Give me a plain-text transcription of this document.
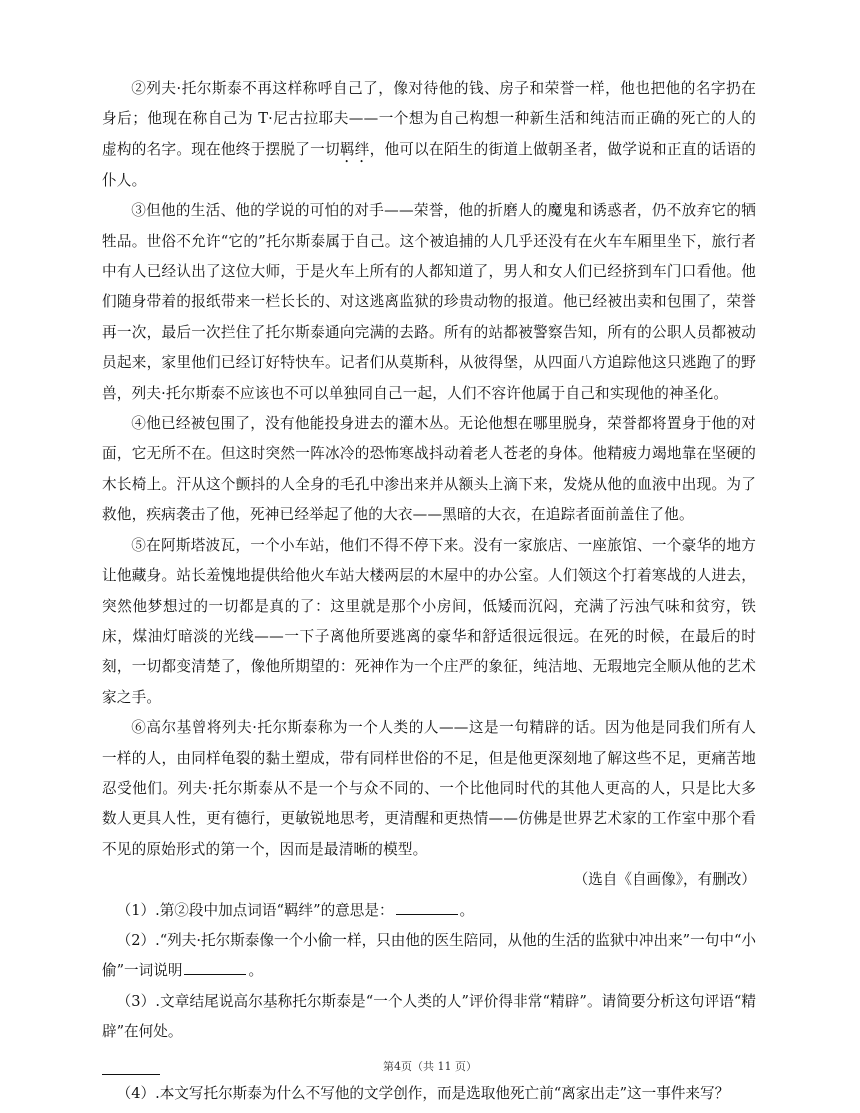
②列夫·托尔斯泰不再这样称呼自己了，像对待他的钱、房子和荣誉一样，他也把他的名字扔在身后；他现在称自己为 T·尼古拉耶夫——一个想为自己构想一种新生活和纯洁而正确的死亡的人的虚构的名字。现在他终于摆脱了一切羁绊，他可以在陌生的街道上做朝圣者，做学说和正直的话语的仆人。

③但他的生活、他的学说的可怕的对手——荣誉，他的折磨人的魔鬼和诱惑者，仍不放弃它的牺牲品。世俗不允许“它的”托尔斯泰属于自己。这个被追捕的人几乎还没有在火车车厢里坐下，旅行者中有人已经认出了这位大师，于是火车上所有的人都知道了，男人和女人们已经挤到车门口看他。他们随身带着的报纸带来一栏长长的、对这逃离监狱的珍贵动物的报道。他已经被出卖和包围了，荣誉再一次，最后一次拦住了托尔斯泰通向完满的去路。所有的站都被警察告知，所有的公职人员都被动员起来，家里他们已经订好特快车。记者们从莫斯科，从彼得堡，从四面八方追踪他这只逃跑了的野兽，列夫·托尔斯泰不应该也不可以单独同自己一起，人们不容许他属于自己和实现他的神圣化。

④他已经被包围了，没有他能投身进去的灌木丛。无论他想在哪里脱身，荣誉都将置身于他的对面，它无所不在。但这时突然一阵冰冷的恐怖寒战抖动着老人苍老的身体。他精疲力竭地靠在坚硬的木长椅上。汗从这个颤抖的人全身的毛孔中渗出来并从额头上滴下来，发烧从他的血液中出现。为了救他，疾病袭击了他，死神已经举起了他的大衣——黑暗的大衣，在追踪者面前盖住了他。

⑤在阿斯塔波瓦，一个小车站，他们不得不停下来。没有一家旅店、一座旅馆、一个豪华的地方让他藏身。站长羞愧地提供给他火车站大楼两层的木屋中的办公室。人们领这个打着寒战的人进去，突然他梦想过的一切都是真的了：这里就是那个小房间，低矮而沉闷，充满了污浊气味和贫穷，铁床，煤油灯暗淡的光线——一下子离他所要逃离的豪华和舒适很远很远。在死的时候，在最后的时刻，一切都变清楚了，像他所期望的：死神作为一个庄严的象征，纯洁地、无瑕地完全顺从他的艺术家之手。

⑥高尔基曾将列夫·托尔斯泰称为一个人类的人——这是一句精辟的话。因为他是同我们所有人一样的人，由同样龟裂的黏土塑成，带有同样世俗的不足，但是他更深刻地了解这些不足，更痛苦地忍受他们。列夫·托尔斯泰从不是一个与众不同的、一个比他同时代的其他人更高的人，只是比大多数人更具人性，更有德行，更敏锐地思考，更清醒和更热情——仿佛是世界艺术家的工作室中那个看不见的原始形式的第一个，因而是最清晰的模型。

（选自《自画像》，有删改）

（1）.第②段中加点词语“羁绊”的意思是：	。

（2）.“列夫·托尔斯泰像一个小偷一样，只由他的医生陪同，从他的生活的监狱中冲出来”一句中“小偷”一词说明	。

（3）.文章结尾说高尔基称托尔斯泰是“一个人类的人”评价得非常“精辟”。请简要分析这句评语“精辟”在何处。

（4）.本文写托尔斯泰为什么不写他的文学创作，而是选取他死亡前“离家出走”这一事件来写？

第4页（共 11 页）
